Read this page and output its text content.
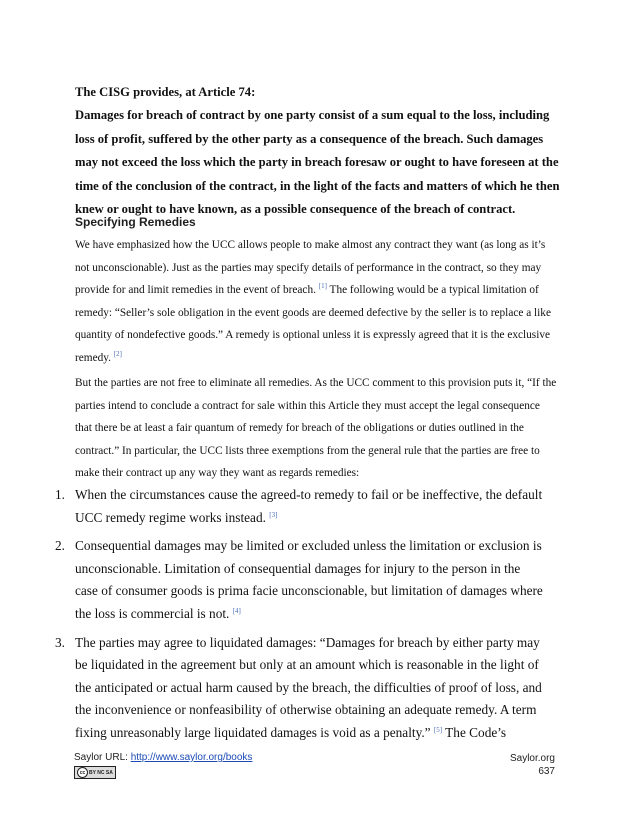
The CISG provides, at Article 74:
Damages for breach of contract by one party consist of a sum equal to the loss, including
loss of profit, suffered by the other party as a consequence of the breach. Such damages
may not exceed the loss which the party in breach foresaw or ought to have foreseen at the
time of the conclusion of the contract, in the light of the facts and matters of which he then
knew or ought to have known, as a possible consequence of the breach of contract.
Specifying Remedies
We have emphasized how the UCC allows people to make almost any contract they want (as long as it’s
not unconscionable). Just as the parties may specify details of performance in the contract, so they may
provide for and limit remedies in the event of breach. [1] The following would be a typical limitation of
remedy: “Seller’s sole obligation in the event goods are deemed defective by the seller is to replace a like
quantity of nondefective goods.” A remedy is optional unless it is expressly agreed that it is the exclusive
remedy. [2]
But the parties are not free to eliminate all remedies. As the UCC comment to this provision puts it, “If the
parties intend to conclude a contract for sale within this Article they must accept the legal consequence
that there be at least a fair quantum of remedy for breach of the obligations or duties outlined in the
contract.” In particular, the UCC lists three exemptions from the general rule that the parties are free to
make their contract up any way they want as regards remedies:
1. When the circumstances cause the agreed-to remedy to fail or be ineffective, the default
UCC remedy regime works instead. [3]
2. Consequential damages may be limited or excluded unless the limitation or exclusion is
unconscionable. Limitation of consequential damages for injury to the person in the
case of consumer goods is prima facie unconscionable, but limitation of damages where
the loss is commercial is not. [4]
3. The parties may agree to liquidated damages: “Damages for breach by either party may
be liquidated in the agreement but only at an amount which is reasonable in the light of
the anticipated or actual harm caused by the breach, the difficulties of proof of loss, and
the inconvenience or nonfeasibility of otherwise obtaining an adequate remedy. A term
fixing unreasonably large liquidated damages is void as a penalty.” [5] The Code’s
Saylor URL: http://www.saylor.org/books
cc BY NC SA
Saylor.org
637
